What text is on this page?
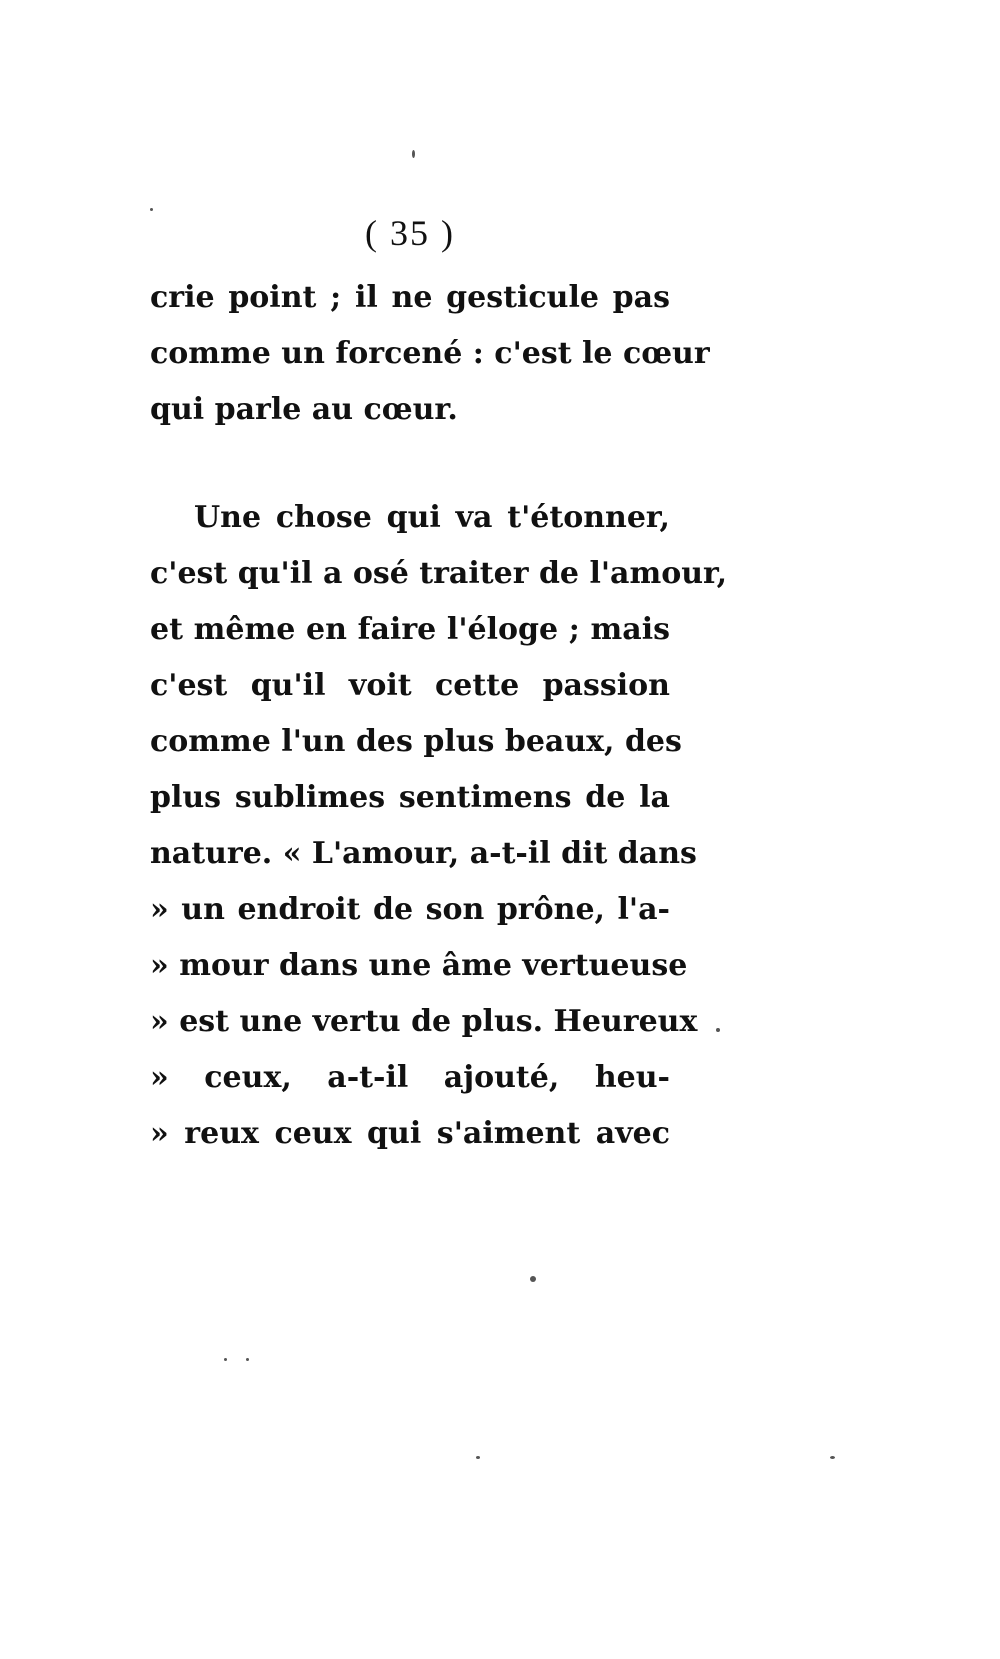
( 35 )
crie point ; il ne gesticule pas
comme un forcené : c'est le cœur
qui parle au cœur.
Une chose qui va t'étonner,
c'est qu'il a osé traiter de l'amour,
et même en faire l'éloge ; mais
c'est qu'il voit cette passion
comme l'un des plus beaux, des
plus sublimes sentimens de la
nature. « L'amour, a-t-il dit dans
» un endroit de son prône, l'a-
» mour dans une âme vertueuse
» est une vertu de plus. Heureux
» ceux, a-t-il ajouté, heu-
» reux ceux qui s'aiment avec
